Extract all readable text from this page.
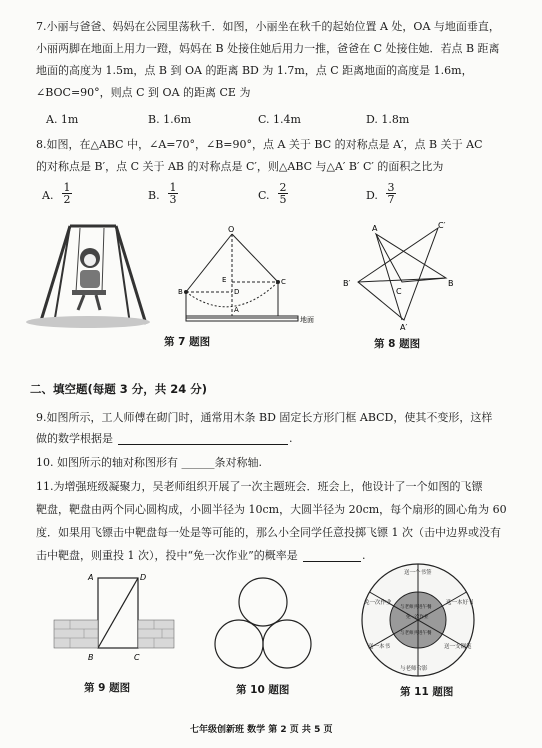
7.小丽与爸爸、妈妈在公园里荡秋千．如图，小丽坐在秋千的起始位置 A 处，OA 与地面垂直，
小丽两脚在地面上用力一蹬，妈妈在 B 处接住她后用力一推，爸爸在 C 处接住她．若点 B 距离
地面的高度为 1.5m，点 B 到 OA 的距离 BD 为 1.7m，点 C 距离地面的高度是 1.6m，
∠BOC=90°，则点 C 到 OA 的距离 CE 为
A. 1m	B. 1.6m	C. 1.4m	D. 1.8m
8.如图，在△ABC 中，∠A=70°，∠B=90°，点 A 关于 BC 的对称点是 A′，点 B 关于 AC
的对称点是 B′，点 C 关于 AB 的对称点是 C′，则△ABC 与△A′ B′ C′ 的面积之比为
A. $\frac{1}{2}$	B. $\frac{1}{3}$	C. $\frac{2}{5}$	D. $\frac{3}{7}$
O
E
D
A
B
C
地面
A	C′
B′
C
B
A′
第 7 题图	第 8 题图
二、填空题(每题 3 分，共 24 分)
9.如图所示，工人师傅在砌门时，通常用木条 BD 固定长方形门框 ABCD，使其不变形，这样
做的数学根据是	.
10. 如图所示的轴对称图形有 ______条对称轴.
11.为增强班级凝聚力，吴老师组织开展了一次主题班会．班会上，他设计了一个如图的飞镖
靶盘，靶盘由两个同心圆构成，小圆半径为 10cm，大圆半径为 20cm，每个扇形的圆心角为 60
度．如果用飞镖击中靶盘每一处是等可能的，那么小全同学任意投掷飞镖 1 次（击中边界或没有
击中靶盘，则重投 1 次），投中“免一次作业”的概率是	.
A	D
B	C
送一个书签
选一本好书
与老师合影
送一支钢笔
免一次作业
送一本书
与老师共进午餐
免一次作业
与老师共进午餐
第 9 题图	第 10 题图	第 11 题图
七年级创新班 数学 第 2 页 共 5 页
